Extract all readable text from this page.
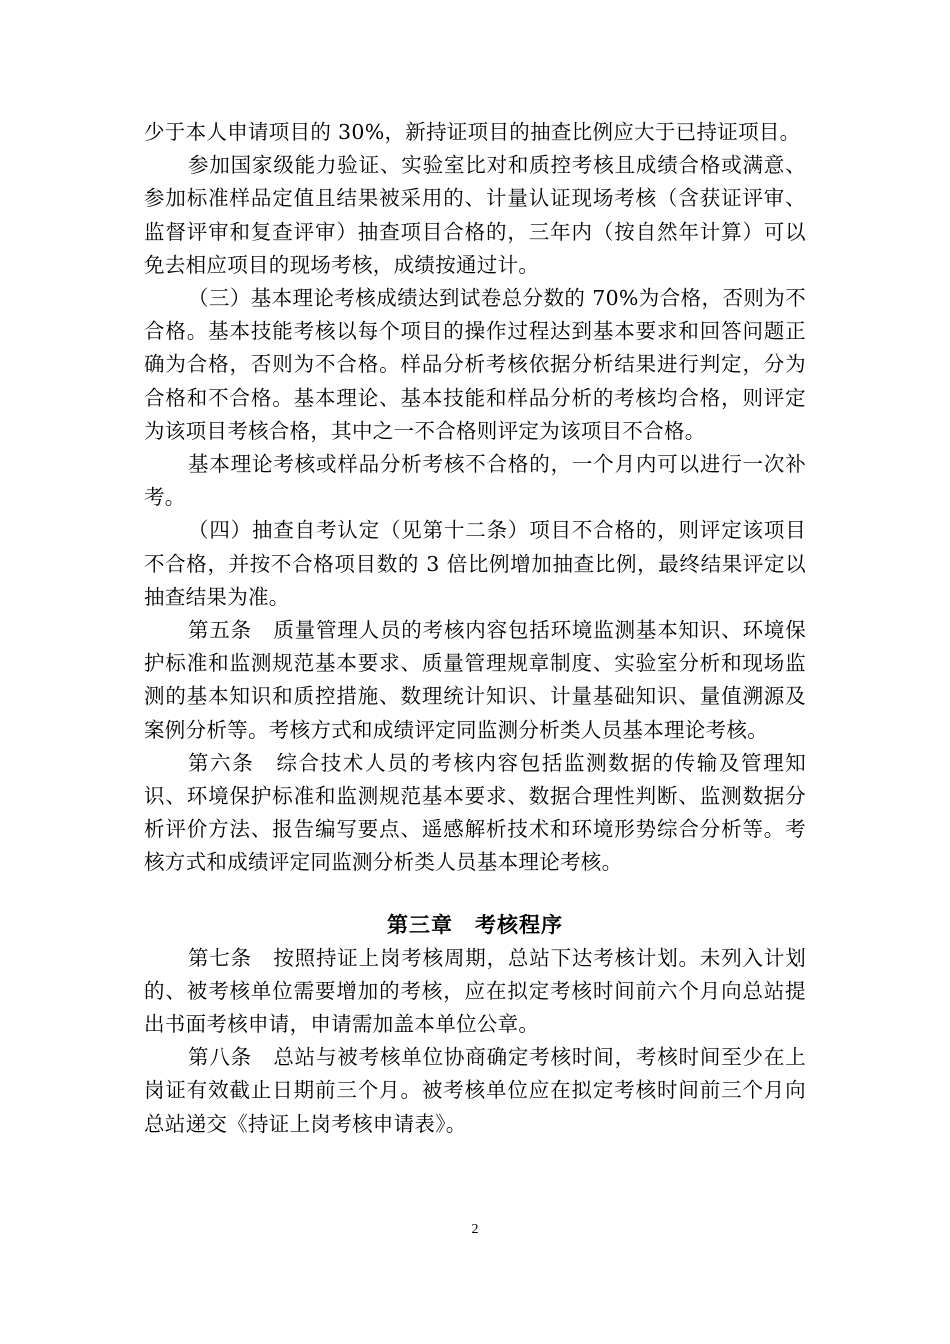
少于本人申请项目的 30%，新持证项目的抽查比例应大于已持证项目。

参加国家级能力验证、实验室比对和质控考核且成绩合格或满意、参加标准样品定值且结果被采用的、计量认证现场考核（含获证评审、监督评审和复查评审）抽查项目合格的，三年内（按自然年计算）可以免去相应项目的现场考核，成绩按通过计。

（三）基本理论考核成绩达到试卷总分数的 70%为合格，否则为不合格。基本技能考核以每个项目的操作过程达到基本要求和回答问题正确为合格，否则为不合格。样品分析考核依据分析结果进行判定，分为合格和不合格。基本理论、基本技能和样品分析的考核均合格，则评定为该项目考核合格，其中之一不合格则评定为该项目不合格。

基本理论考核或样品分析考核不合格的，一个月内可以进行一次补考。

（四）抽查自考认定（见第十二条）项目不合格的，则评定该项目不合格，并按不合格项目数的 3 倍比例增加抽查比例，最终结果评定以抽查结果为准。

第五条　质量管理人员的考核内容包括环境监测基本知识、环境保护标准和监测规范基本要求、质量管理规章制度、实验室分析和现场监测的基本知识和质控措施、数理统计知识、计量基础知识、量值溯源及案例分析等。考核方式和成绩评定同监测分析类人员基本理论考核。

第六条　综合技术人员的考核内容包括监测数据的传输及管理知识、环境保护标准和监测规范基本要求、数据合理性判断、监测数据分析评价方法、报告编写要点、遥感解析技术和环境形势综合分析等。考核方式和成绩评定同监测分析类人员基本理论考核。

第三章　考核程序

第七条　按照持证上岗考核周期，总站下达考核计划。未列入计划的、被考核单位需要增加的考核，应在拟定考核时间前六个月向总站提出书面考核申请，申请需加盖本单位公章。

第八条　总站与被考核单位协商确定考核时间，考核时间至少在上岗证有效截止日期前三个月。被考核单位应在拟定考核时间前三个月向总站递交《持证上岗考核申请表》。

2
